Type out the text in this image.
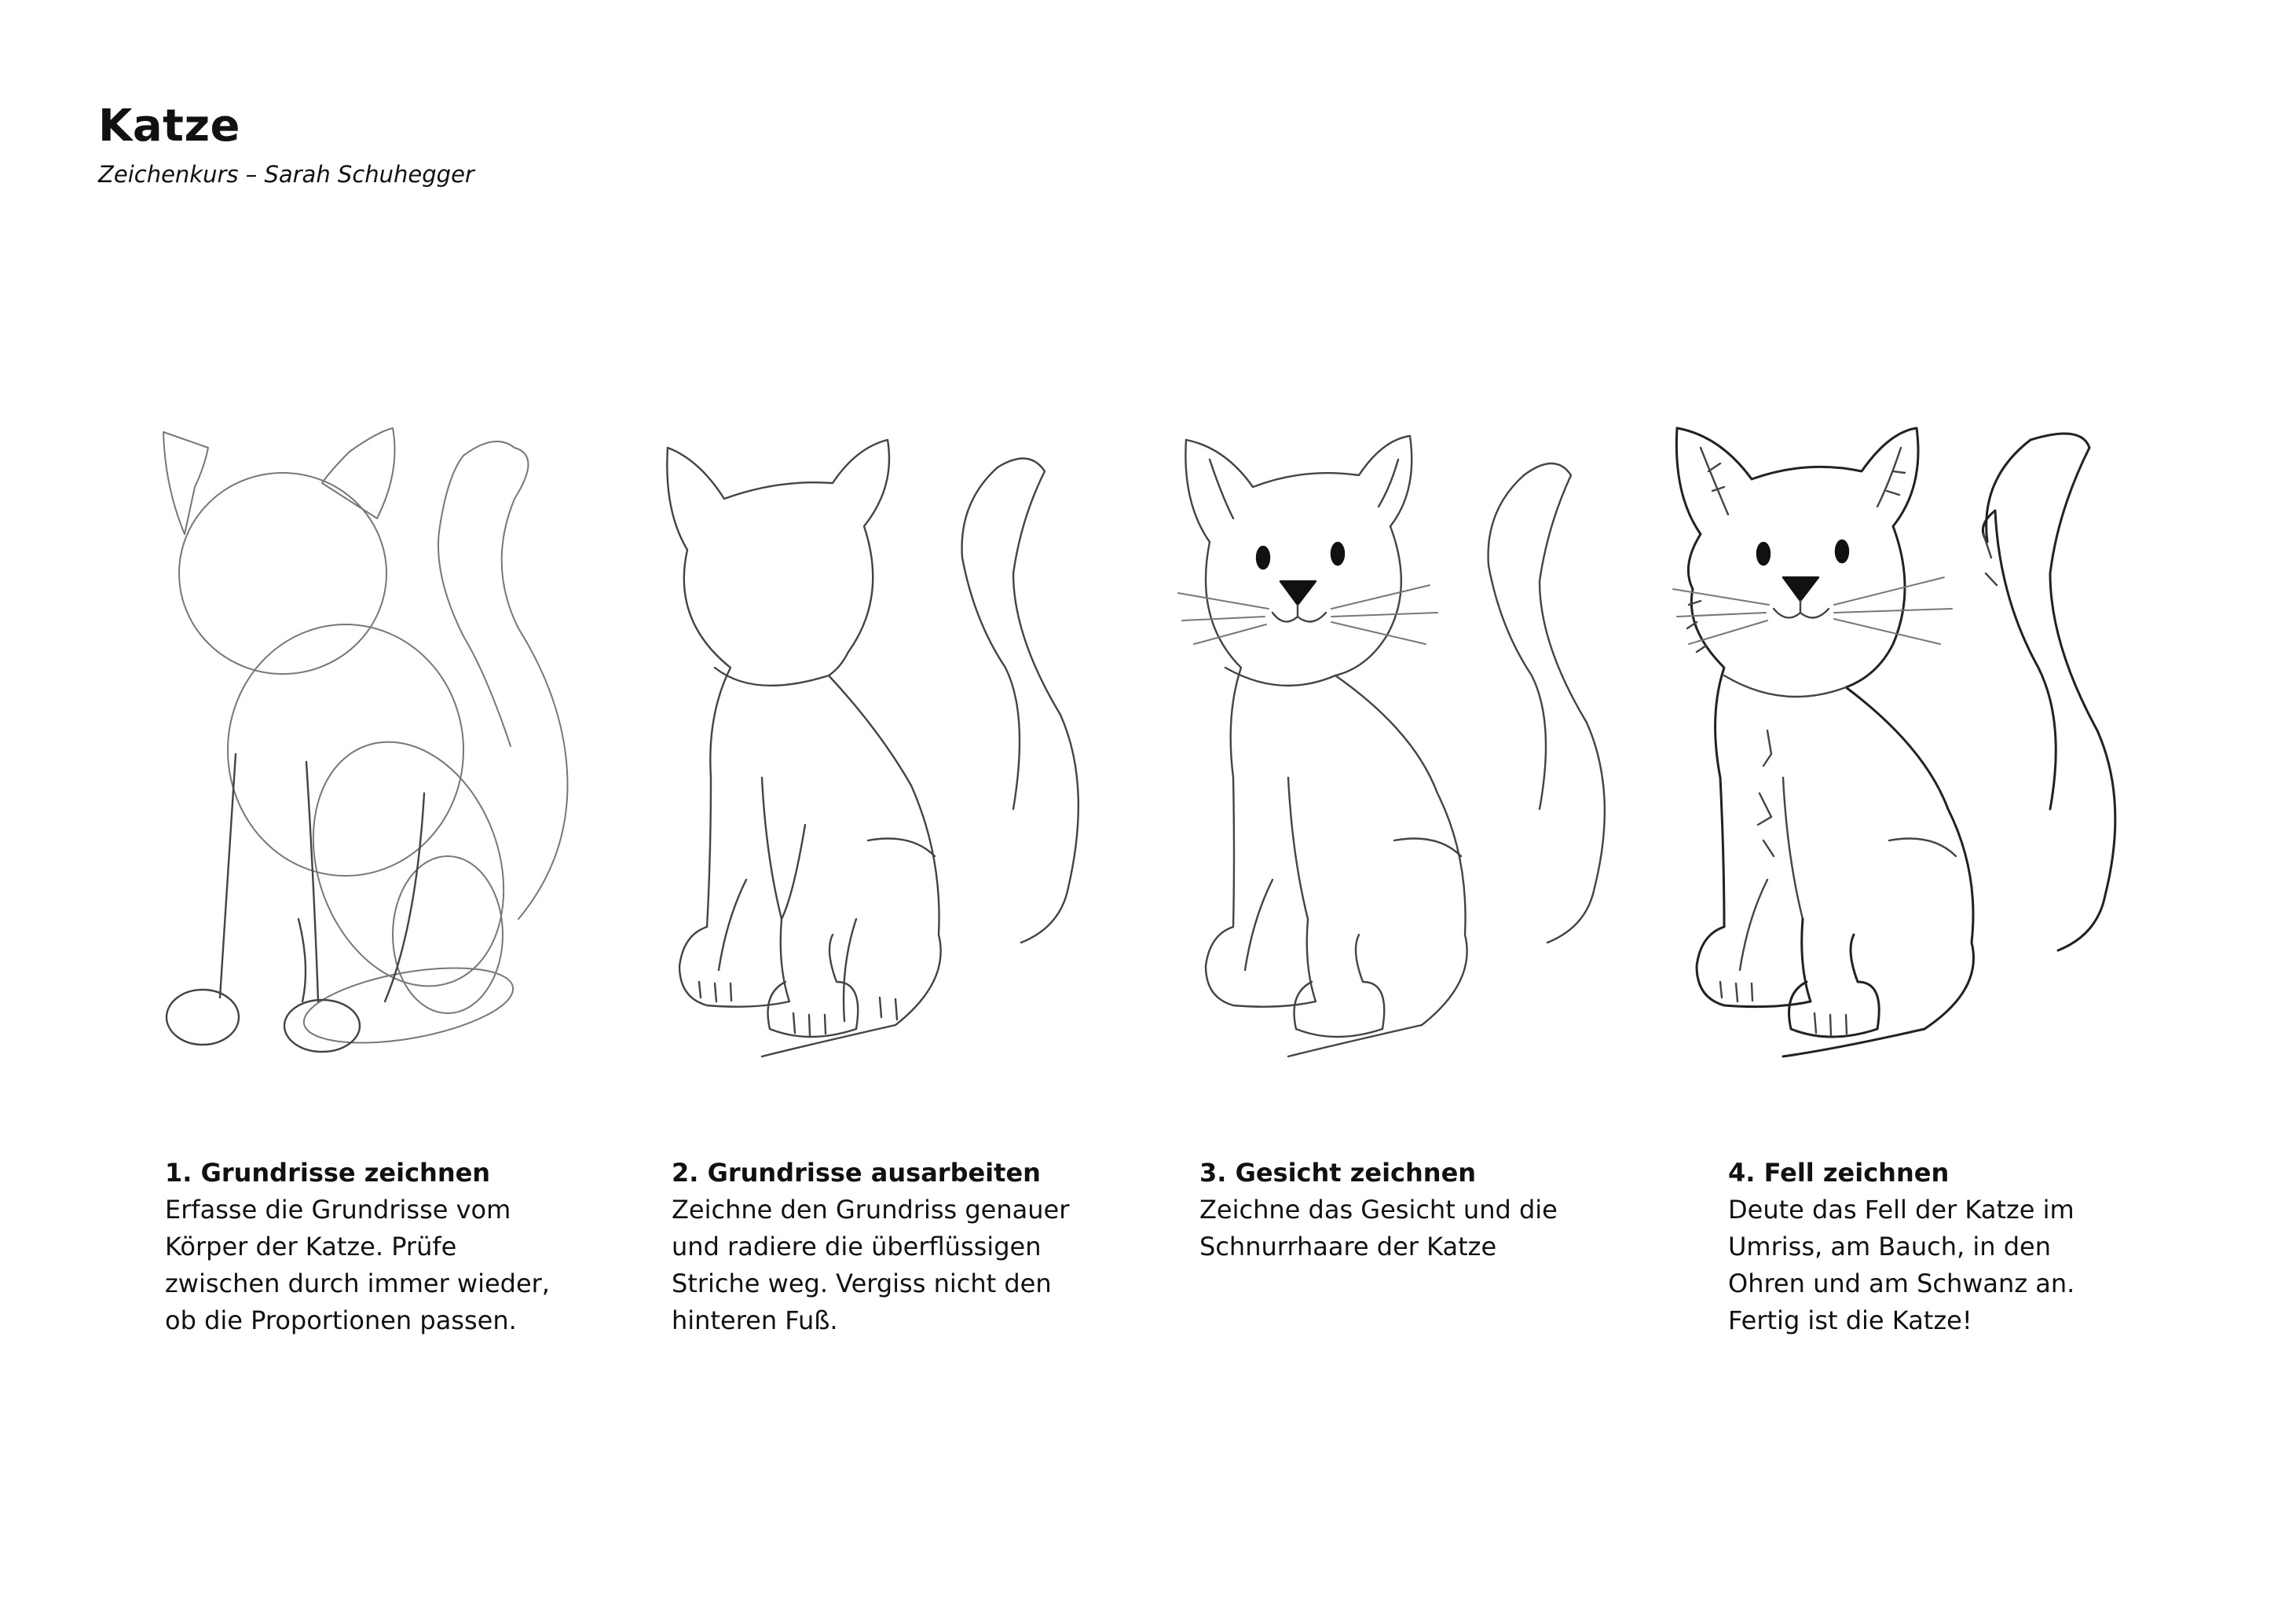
Katze
Zeichenkurs – Sarah Schuhegger
1. Grundrisse zeichnen
Erfasse die Grundrisse vom
Körper der Katze. Prüfe
zwischen durch immer wieder,
ob die Proportionen passen.
2. Grundrisse ausarbeiten
Zeichne den Grundriss genauer
und radiere die überflüssigen
Striche weg. Vergiss nicht den
hinteren Fuß.
3. Gesicht zeichnen
Zeichne das Gesicht und die
Schnurrhaare der Katze
4. Fell zeichnen
Deute das Fell der Katze im
Umriss, am Bauch, in den
Ohren und am Schwanz an.
Fertig ist die Katze!
